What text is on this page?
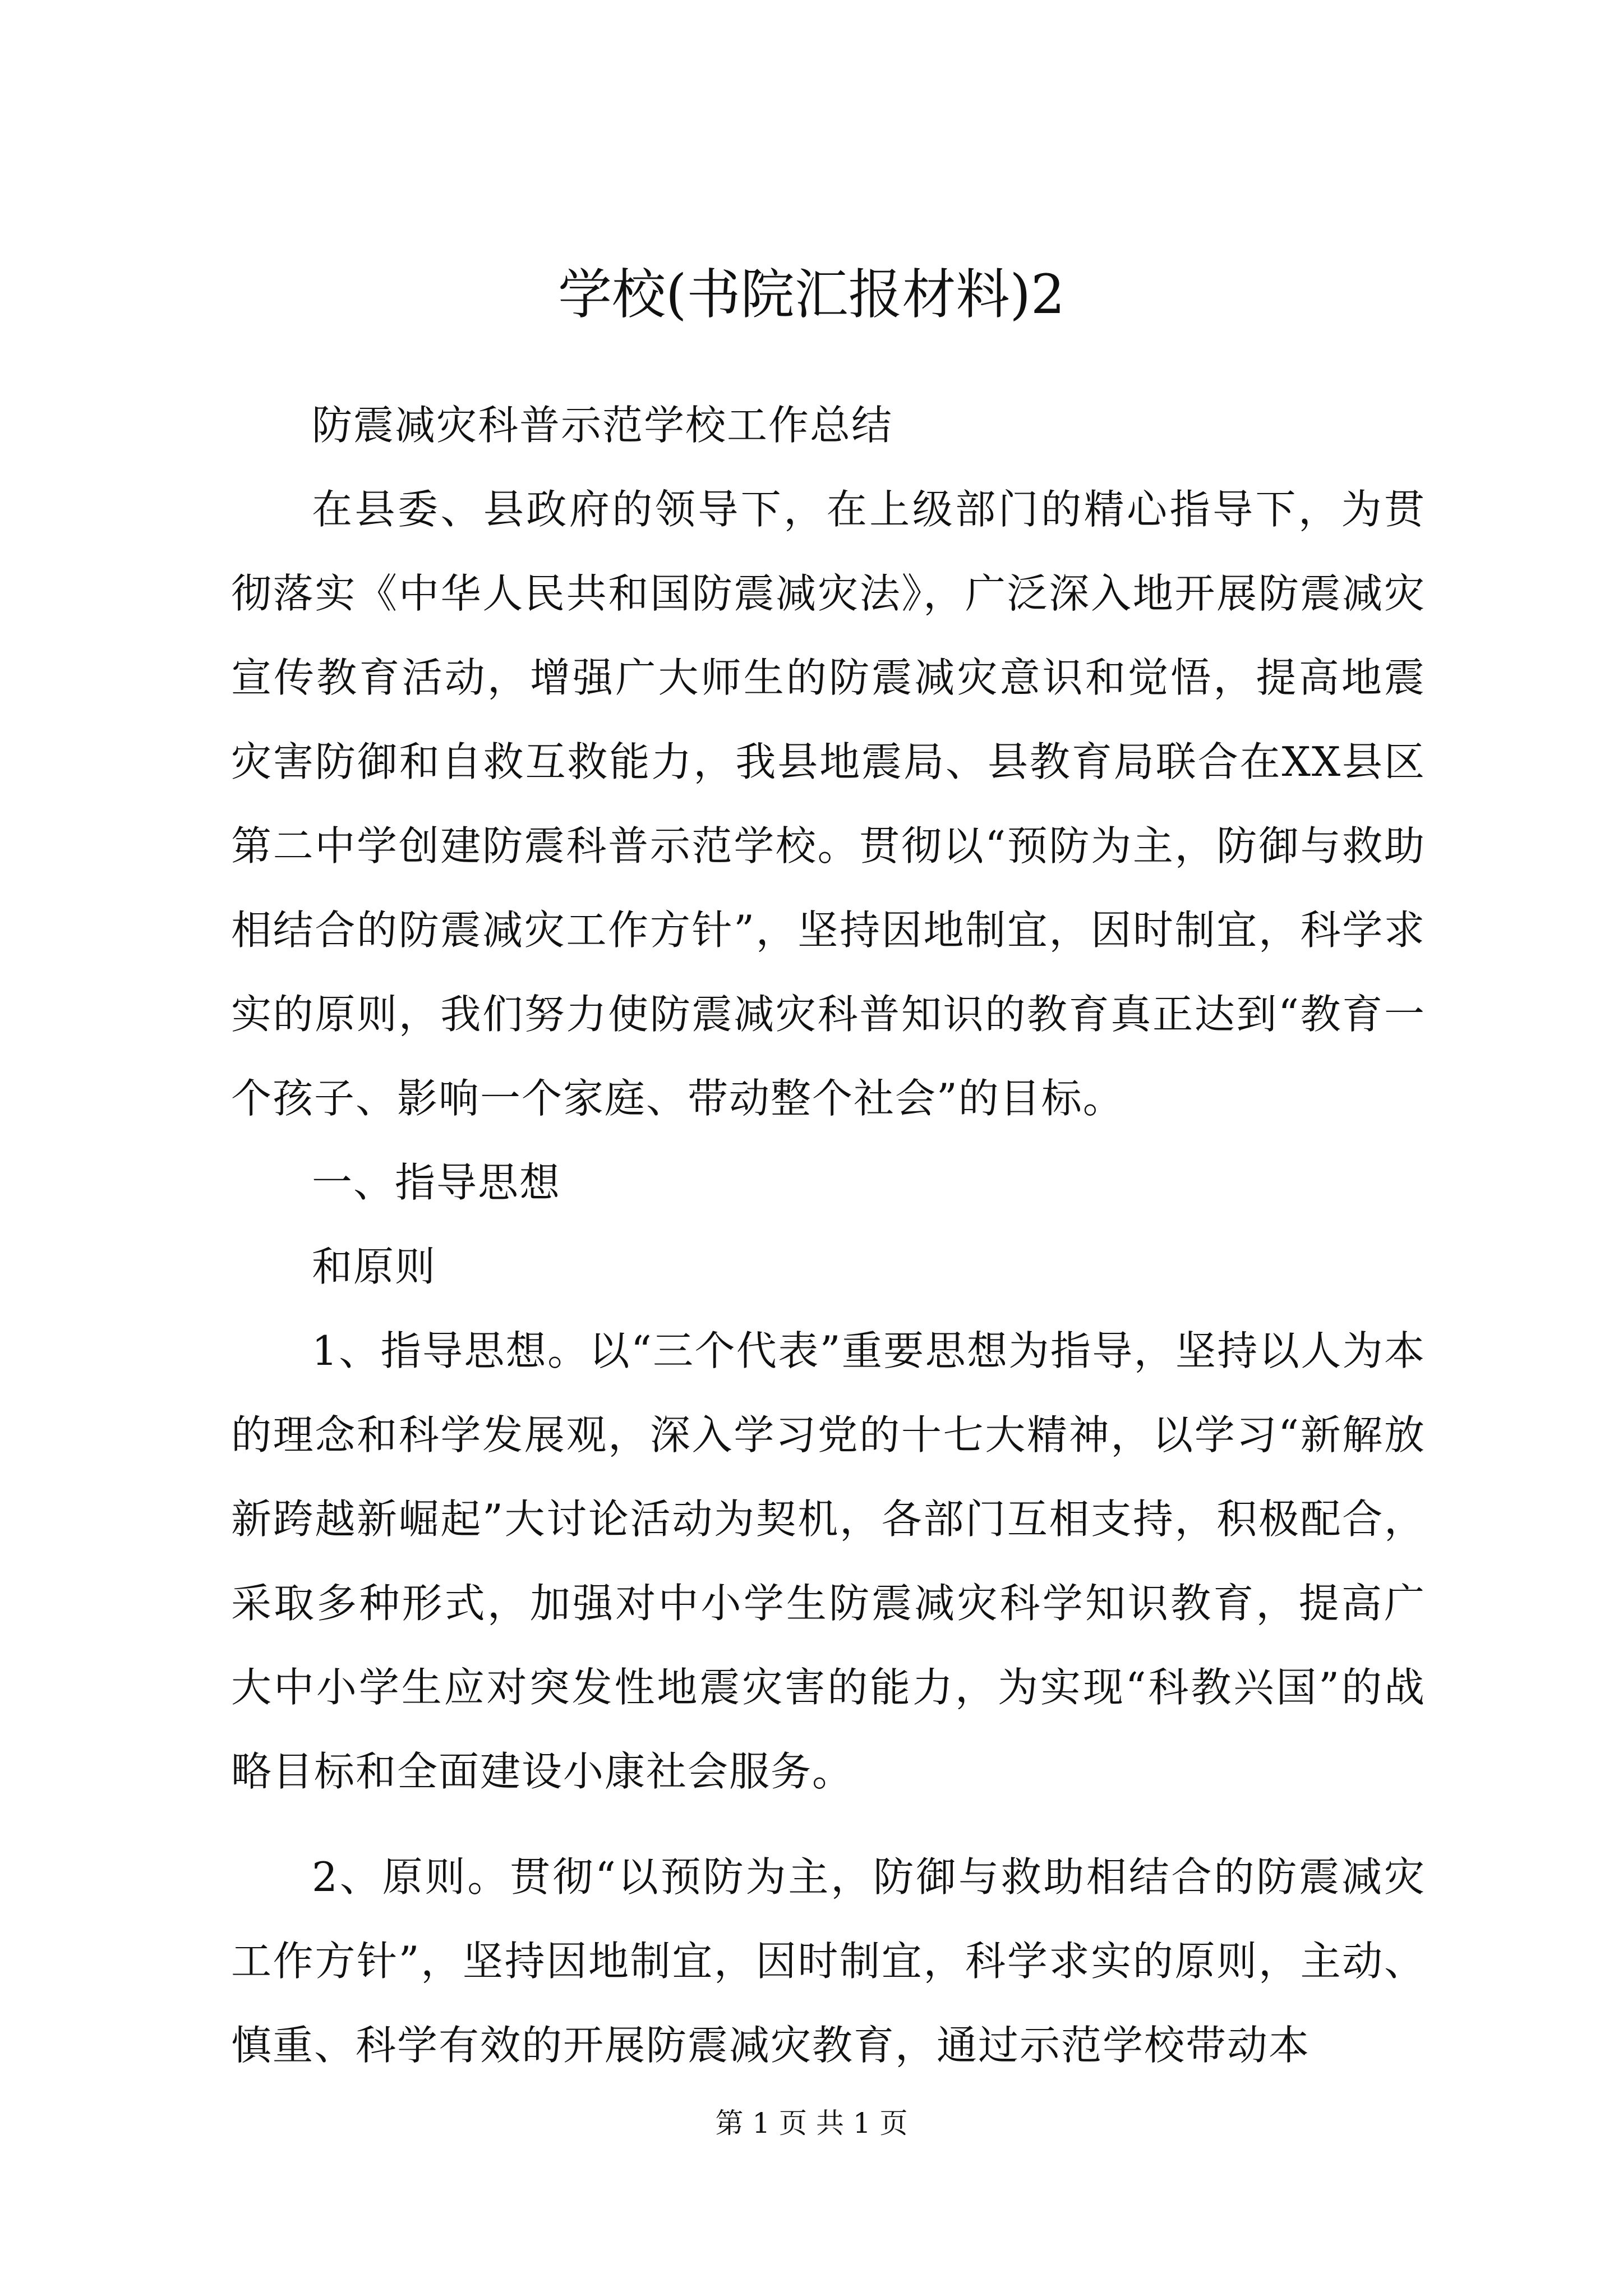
学校(书院汇报材料)2

防震减灾科普示范学校工作总结

在县委、县政府的领导下，在上级部门的精心指导下，为贯彻落实《中华人民共和国防震减灾法》，广泛深入地开展防震减灾宣传教育活动，增强广大师生的防震减灾意识和觉悟，提高地震灾害防御和自救互救能力，我县地震局、县教育局联合在XX县区第二中学创建防震科普示范学校。贯彻以“预防为主，防御与救助相结合的防震减灾工作方针”，坚持因地制宜，因时制宜，科学求实的原则，我们努力使防震减灾科普知识的教育真正达到“教育一个孩子、影响一个家庭、带动整个社会”的目标。

一、指导思想

和原则

1、指导思想。以“三个代表”重要思想为指导，坚持以人为本的理念和科学发展观，深入学习党的十七大精神，以学习“新解放新跨越新崛起”大讨论活动为契机，各部门互相支持，积极配合，采取多种形式，加强对中小学生防震减灾科学知识教育，提高广大中小学生应对突发性地震灾害的能力，为实现“科教兴国”的战略目标和全面建设小康社会服务。

2、原则。贯彻“以预防为主，防御与救助相结合的防震减灾工作方针”，坚持因地制宜，因时制宜，科学求实的原则，主动、慎重、科学有效的开展防震减灾教育，通过示范学校带动本

第 1 页 共 1 页
